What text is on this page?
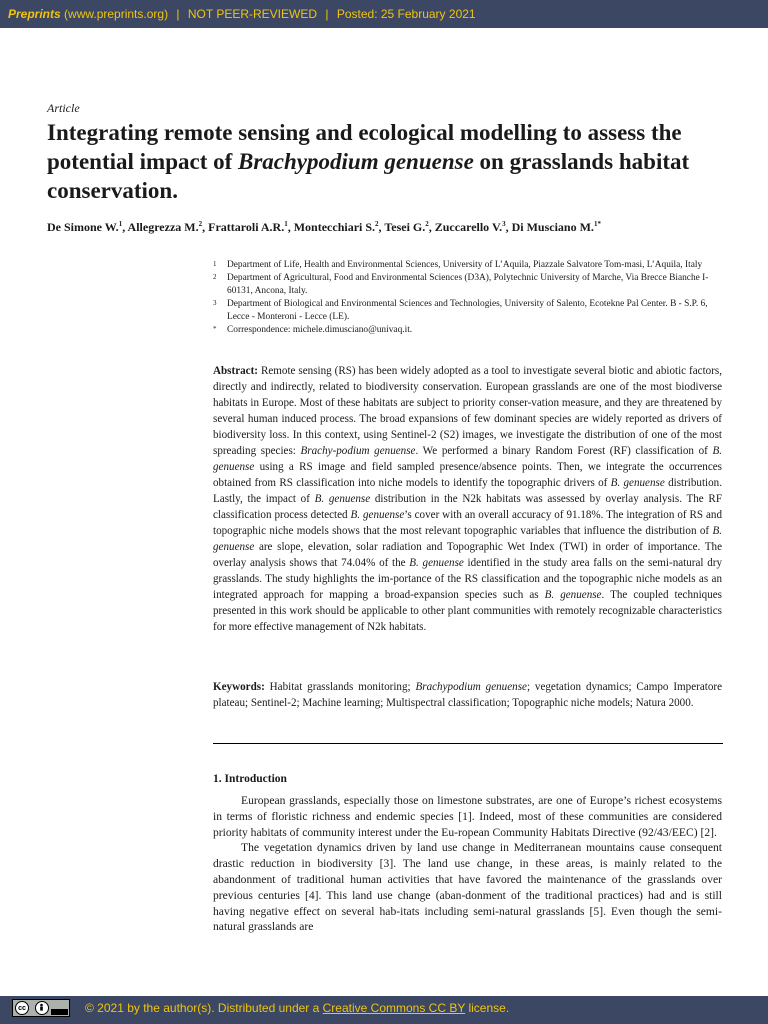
Preprints (www.preprints.org) | NOT PEER-REVIEWED | Posted: 25 February 2021
Article
Integrating remote sensing and ecological modelling to assess the potential impact of Brachypodium genuense on grasslands habitat conservation.
De Simone W.$^1$, Allegrezza M.$^2$, Frattaroli A.R.$^1$, Montecchiari S.$^2$, Tesei G.$^2$, Zuccarello V.$^3$, Di Musciano M.$^{1*}$
1 Department of Life, Health and Environmental Sciences, University of L’Aquila, Piazzale Salvatore Tom-masi, L’Aquila, Italy
2 Department of Agricultural, Food and Environmental Sciences (D3A), Polytechnic University of Marche, Via Brecce Bianche I-60131, Ancona, Italy.
3 Department of Biological and Environmental Sciences and Technologies, University of Salento, Ecotekne Pal Center. B - S.P. 6, Lecce - Monteroni - Lecce (LE).
* Correspondence: michele.dimusciano@univaq.it.

Abstract: Remote sensing (RS) has been widely adopted as a tool to investigate several biotic and abiotic factors, directly and indirectly, related to biodiversity conservation. European grasslands are one of the most biodiverse habitats in Europe. Most of these habitats are subject to priority conser-vation measure, and they are threatened by several human induced process. The broad expansions of few dominant species are widely reported as drivers of biodiversity loss. In this context, using Sentinel-2 (S2) images, we investigate the distribution of one of the most spreading species: Brachy-podium genuense. We performed a binary Random Forest (RF) classification of B. genuense using a RS image and field sampled presence/absence points. Then, we integrate the occurrences obtained from RS classification into niche models to identify the topographic drivers of B. genuense distribution. Lastly, the impact of B. genuense distribution in the N2k habitats was assessed by overlay analysis. The RF classification process detected B. genuense’s cover with an overall accuracy of 91.18%. The integration of RS and topographic niche models shows that the most relevant topographic variables that influence the distribution of B. genuense are slope, elevation, solar radiation and Topographic Wet Index (TWI) in order of importance. The overlay analysis shows that 74.04% of the B. genuense identified in the study area falls on the semi-natural dry grasslands. The study highlights the im-portance of the RS classification and the topographic niche models as an integrated approach for mapping a broad-expansion species such as B. genuense. The coupled techniques presented in this work should be applicable to other plant communities with remotely recognizable characteristics for more effective management of N2k habitats.

Keywords: Habitat grasslands monitoring; Brachypodium genuense; vegetation dynamics; Campo Imperatore plateau; Sentinel-2; Machine learning; Multispectral classification; Topographic niche models; Natura 2000.

1. Introduction

European grasslands, especially those on limestone substrates, are one of Europe’s richest ecosystems in terms of floristic richness and endemic species [1]. Indeed, most of these communities are considered priority habitats of community interest under the Eu-ropean Community Habitats Directive (92/43/EEC) [2].

The vegetation dynamics driven by land use change in Mediterranean mountains cause consequent drastic reduction in biodiversity [3]. The land use change, in these areas, is mainly related to the abandonment of traditional human activities that have favored the maintenance of the grasslands over previous centuries [4]. This land use change (aban-donment of the traditional practices) had and is still having negative effect on several hab-itats including semi-natural grasslands [5]. Even though the semi-natural grasslands are

cc	© 2021 by the author(s). Distributed under a Creative Commons CC BY license.
